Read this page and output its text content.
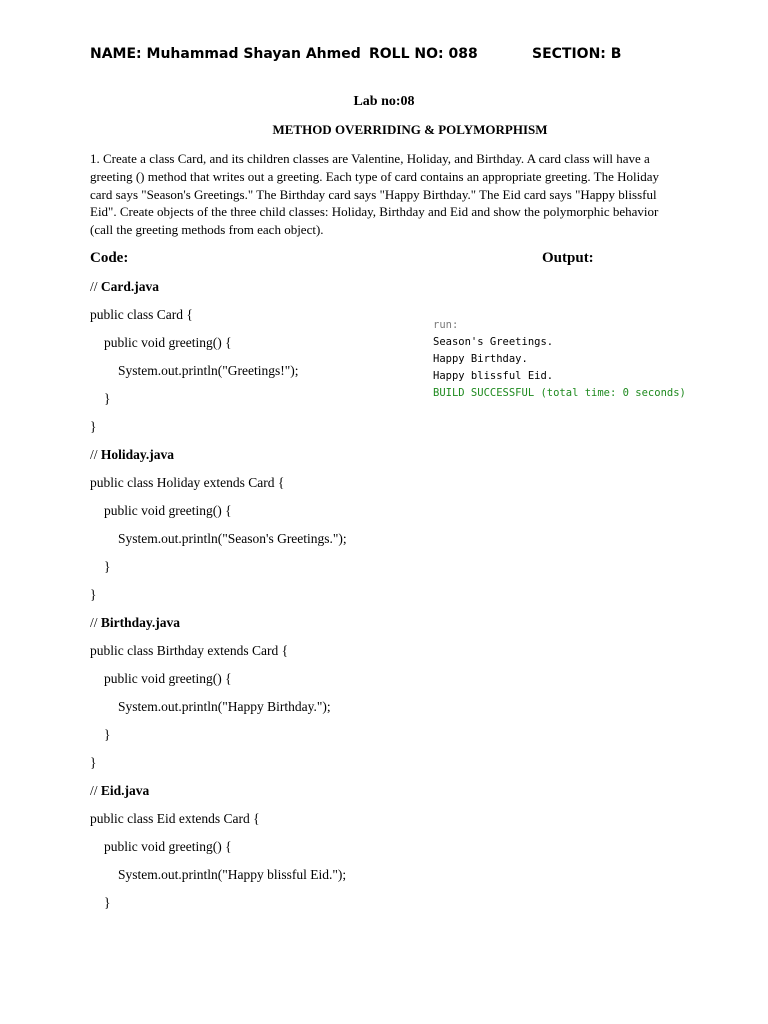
NAME: Muhammad Shayan Ahmed ROLL NO: 088	SECTION: B
Lab no:08
METHOD OVERRIDING & POLYMORPHISM

1. Create a class Card, and its children classes are Valentine, Holiday, and Birthday. A card class will have a greeting () method that writes out a greeting. Each type of card contains an appropriate greeting. The Holiday card says "Season's Greetings." The Birthday card says "Happy Birthday." The Eid card says "Happy blissful Eid". Create objects of the three child classes: Holiday, Birthday and Eid and show the polymorphic behavior (call the greeting methods from each object).

Code:	Output:
// Card.java
public class Card {
public void greeting() {
System.out.println("Greetings!");
}
}
// Holiday.java
public class Holiday extends Card {
public void greeting() {
System.out.println("Season's Greetings.");
}
}
// Birthday.java
public class Birthday extends Card {
public void greeting() {
System.out.println("Happy Birthday.");
}
}
// Eid.java
public class Eid extends Card {
public void greeting() {
System.out.println("Happy blissful Eid.");
}
run:
Season's Greetings.
Happy Birthday.
Happy blissful Eid.
BUILD SUCCESSFUL (total time: 0 seconds)
